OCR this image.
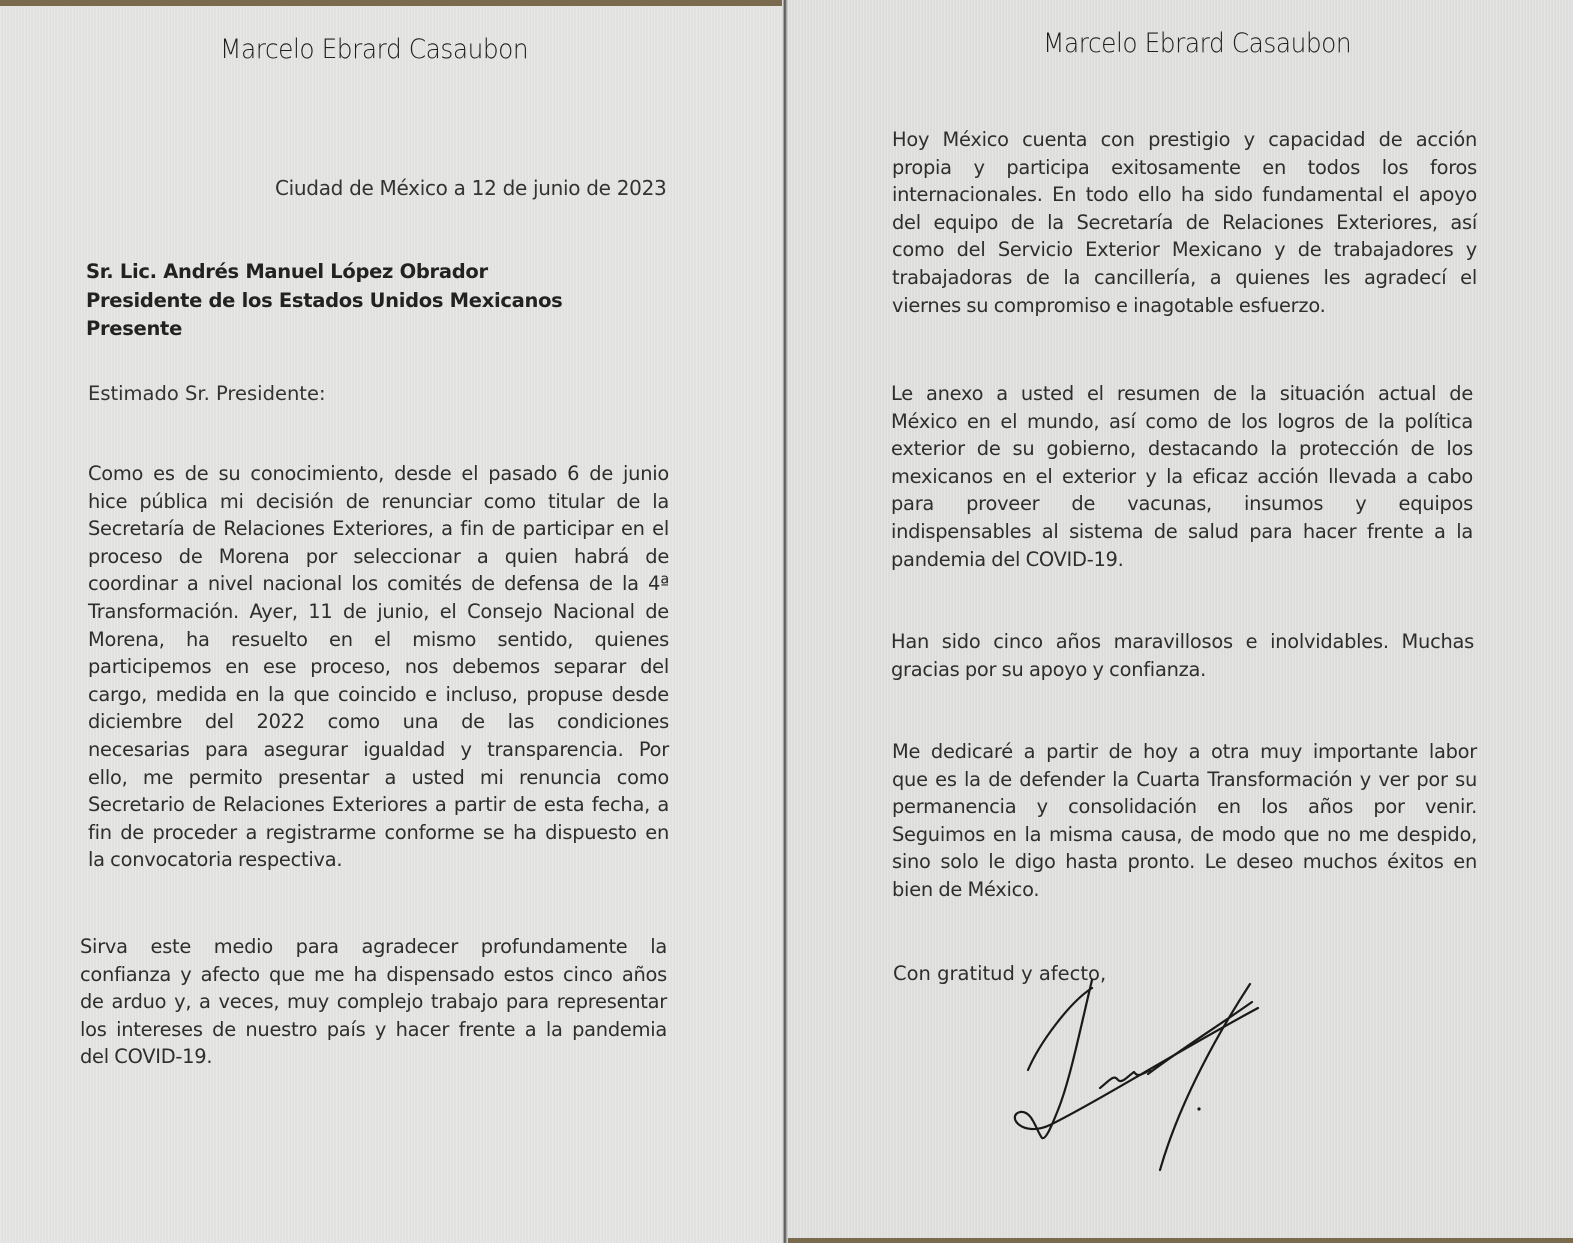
Marcelo Ebrard Casaubon
Ciudad de México a 12 de junio de 2023
Sr. Lic. Andrés Manuel López Obrador
Presidente de los Estados Unidos Mexicanos
Presente
Estimado Sr. Presidente:
Como es de su conocimiento, desde el pasado 6 de junio
hice pública mi decisión de renunciar como titular de la
Secretaría de Relaciones Exteriores, a fin de participar en el
proceso de Morena por seleccionar a quien habrá de
coordinar a nivel nacional los comités de defensa de la 4ª
Transformación. Ayer, 11 de junio, el Consejo Nacional de
Morena, ha resuelto en el mismo sentido, quienes
participemos en ese proceso, nos debemos separar del
cargo, medida en la que coincido e incluso, propuse desde
diciembre del 2022 como una de las condiciones
necesarias para asegurar igualdad y transparencia. Por
ello, me permito presentar a usted mi renuncia como
Secretario de Relaciones Exteriores a partir de esta fecha, a
fin de proceder a registrarme conforme se ha dispuesto en
la convocatoria respectiva.
Sirva este medio para agradecer profundamente la
confianza y afecto que me ha dispensado estos cinco años
de arduo y, a veces, muy complejo trabajo para representar
los intereses de nuestro país y hacer frente a la pandemia
del COVID-19.
Marcelo Ebrard Casaubon
Hoy México cuenta con prestigio y capacidad de acción
propia y participa exitosamente en todos los foros
internacionales. En todo ello ha sido fundamental el apoyo
del equipo de la Secretaría de Relaciones Exteriores, así
como del Servicio Exterior Mexicano y de trabajadores y
trabajadoras de la cancillería, a quienes les agradecí el
viernes su compromiso e inagotable esfuerzo.
Le anexo a usted el resumen de la situación actual de
México en el mundo, así como de los logros de la política
exterior de su gobierno, destacando la protección de los
mexicanos en el exterior y la eficaz acción llevada a cabo
para proveer de vacunas, insumos y equipos
indispensables al sistema de salud para hacer frente a la
pandemia del COVID-19.
Han sido cinco años maravillosos e inolvidables. Muchas
gracias por su apoyo y confianza.
Me dedicaré a partir de hoy a otra muy importante labor
que es la de defender la Cuarta Transformación y ver por su
permanencia y consolidación en los años por venir.
Seguimos en la misma causa, de modo que no me despido,
sino solo le digo hasta pronto. Le deseo muchos éxitos en
bien de México.
Con gratitud y afecto,
